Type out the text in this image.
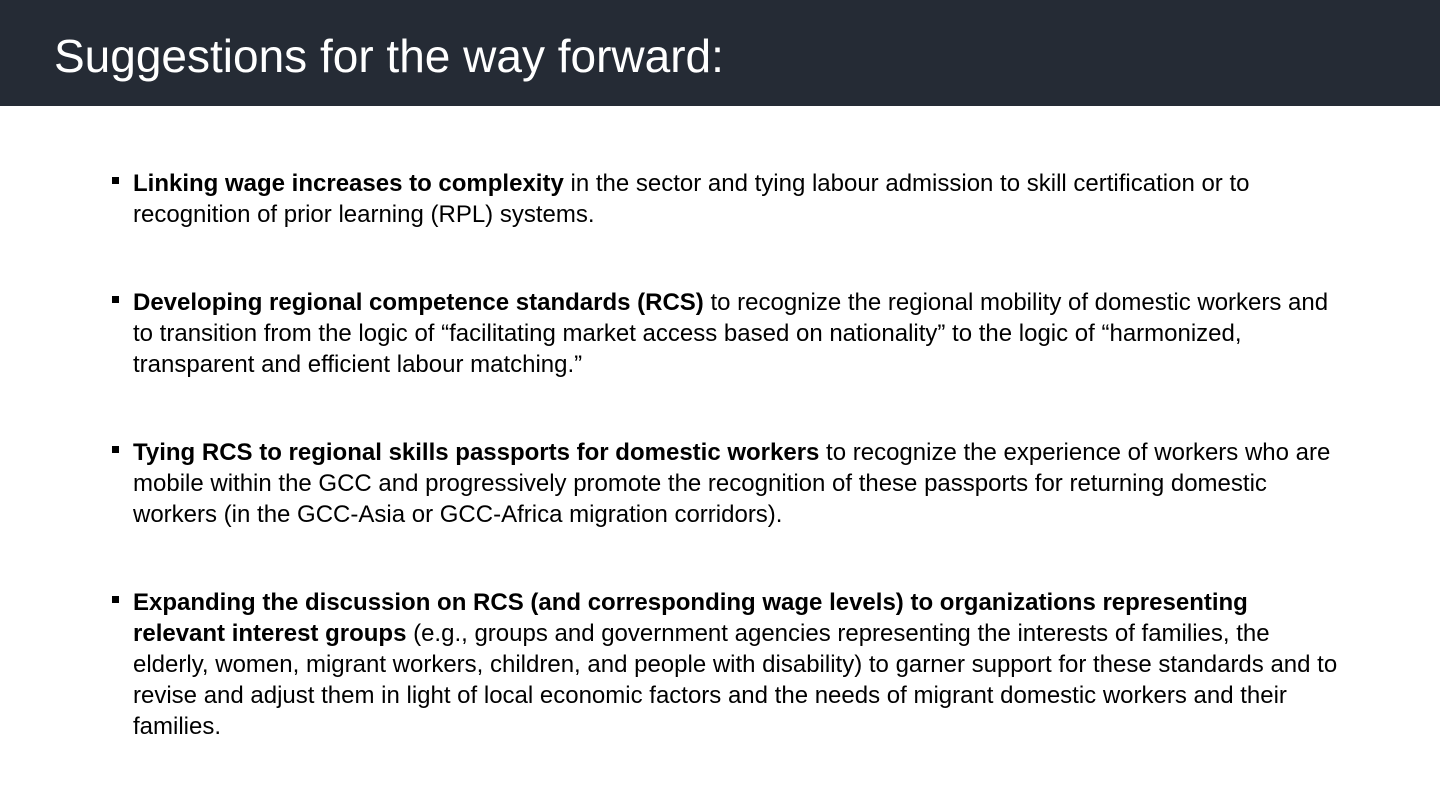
Suggestions for the way forward:
Linking wage increases to complexity in the sector and tying labour admission to skill certification or to recognition of prior learning (RPL) systems.
Developing regional competence standards (RCS) to recognize the regional mobility of domestic workers and to transition from the logic of “facilitating market access based on nationality” to the logic of “harmonized, transparent and efficient labour matching.”
Tying RCS to regional skills passports for domestic workers to recognize the experience of workers who are mobile within the GCC and progressively promote the recognition of these passports for returning domestic workers (in the GCC-Asia or GCC-Africa migration corridors).
Expanding the discussion on RCS (and corresponding wage levels) to organizations representing relevant interest groups (e.g., groups and government agencies representing the interests of families, the elderly, women, migrant workers, children, and people with disability) to garner support for these standards and to revise and adjust them in light of local economic factors and the needs of migrant domestic workers and their families.
